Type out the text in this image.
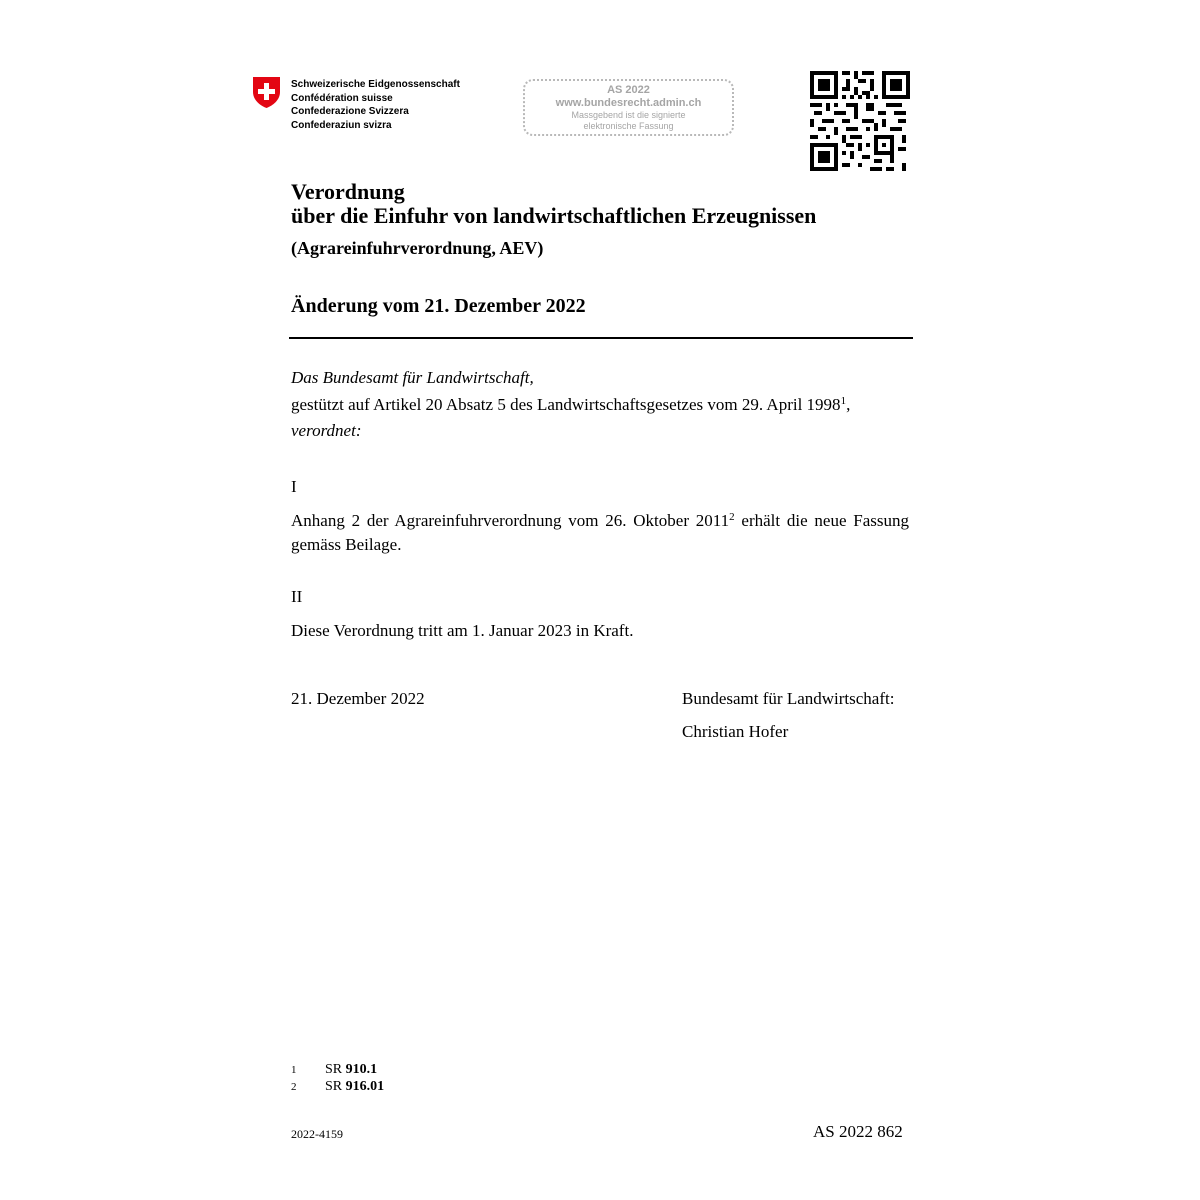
Schweizerische Eidgenossenschaft
Confédération suisse
Confederazione Svizzera
Confederaziun svizra
AS 2022
www.bundesrecht.admin.ch
Massgebend ist die signierte
elektronische Fassung
Verordnung
über die Einfuhr von landwirtschaftlichen Erzeugnissen
(Agrareinfuhrverordnung, AEV)
Änderung vom 21. Dezember 2022
Das Bundesamt für Landwirtschaft,
gestützt auf Artikel 20 Absatz 5 des Landwirtschaftsgesetzes vom 29. April 1998$^1$,
verordnet:
I
Anhang 2 der Agrareinfuhrverordnung vom 26. Oktober 2011$^2$ erhält die neue Fassung gemäss Beilage.
II
Diese Verordnung tritt am 1. Januar 2023 in Kraft.
21. Dezember 2022	Bundesamt für Landwirtschaft:
Christian Hofer
1 SR 910.1
2 SR 916.01
2022-4159	AS 2022 862
